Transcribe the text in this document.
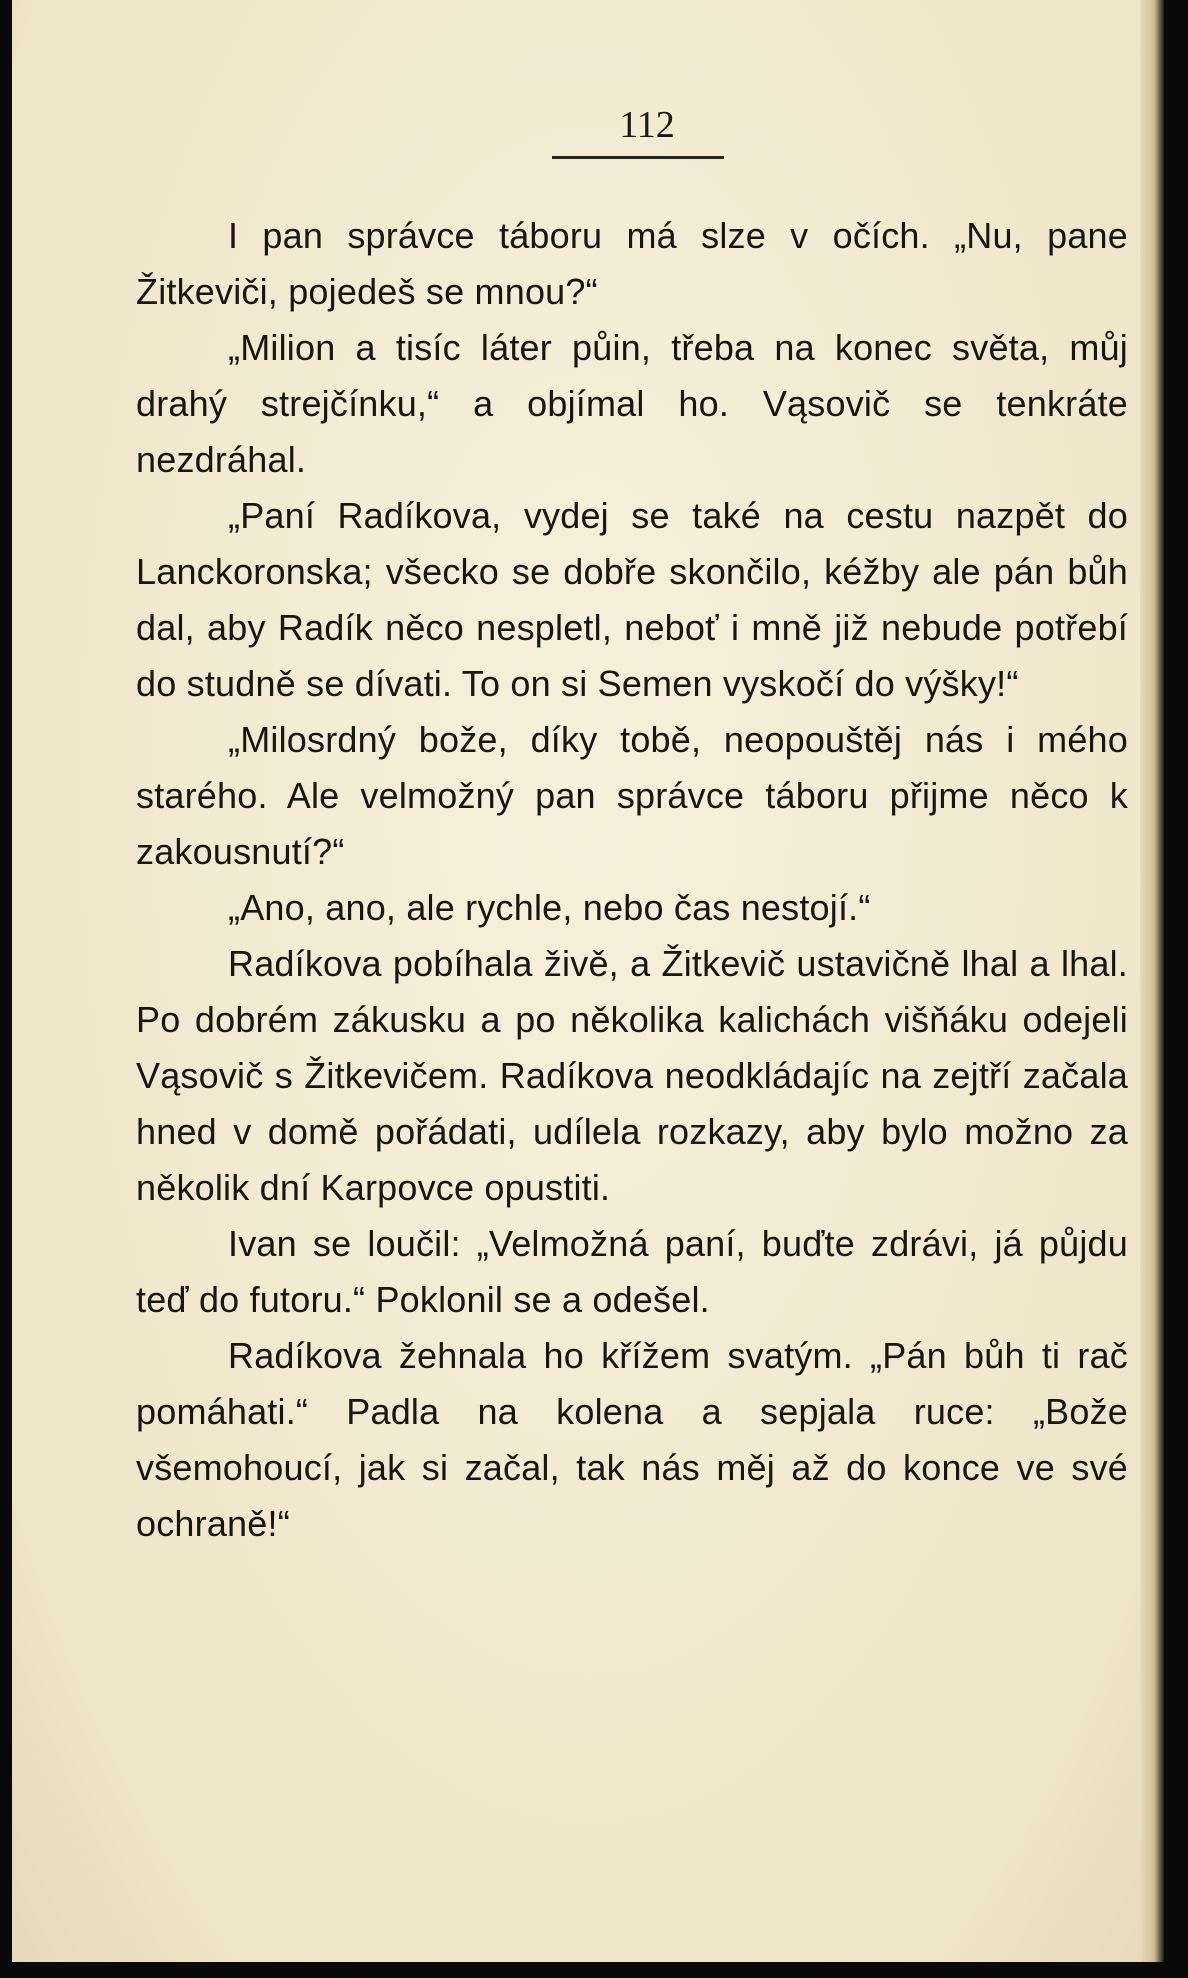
112

I pan správce táboru má slze v očích. „Nu, pane Žitkeviči, pojedeš se mnou?“

„Milion a tisíc láter půin, třeba na konec světa, můj drahý strejčínku,“ a objímal ho. Vąsovič se tenkráte nezdráhal.

„Paní Radíkova, vydej se také na cestu nazpět do Lanckoronska; všecko se dobře skončilo, kéžby ale pán bůh dal, aby Radík něco nespletl, neboť i mně již nebude potřebí do studně se dívati. To on si Semen vyskočí do výšky!“

„Milosrdný bože, díky tobě, neopouštěj nás i mého starého. Ale velmožný pan správce táboru přijme něco k zakousnutí?“

„Ano, ano, ale rychle, nebo čas nestojí.“

Radíkova pobíhala živě, a Žitkevič ustavičně lhal a lhal. Po dobrém zákusku a po několika kalichách višňáku odejeli Vąsovič s Žitkevičem. Radíkova neodkládajíc na zejtří začala hned v domě pořádati, udílela rozkazy, aby bylo možno za několik dní Karpovce opustiti.

Ivan se loučil: „Velmožná paní, buďte zdrávi, já půjdu teď do futoru.“ Poklonil se a odešel.

Radíkova žehnala ho křížem svatým. „Pán bůh ti rač pomáhati.“ Padla na kolena a sepjala ruce: „Bože všemohoucí, jak si začal, tak nás měj až do konce ve své ochraně!“
